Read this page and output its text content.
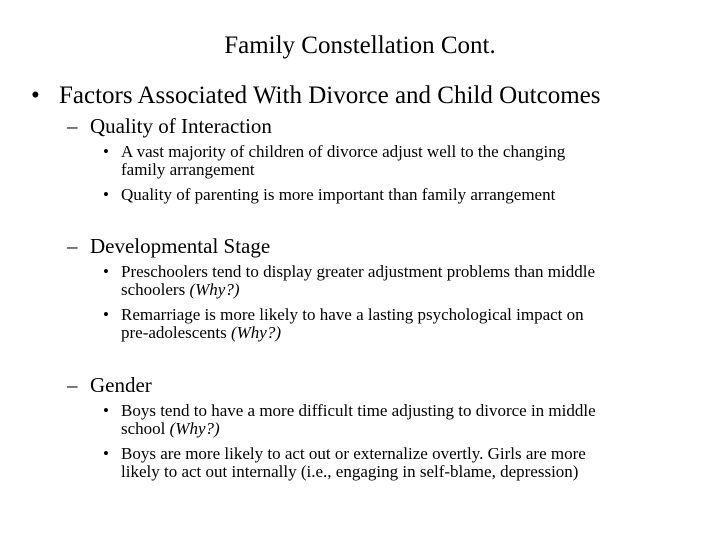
Family Constellation Cont.
• Factors Associated With Divorce and Child Outcomes
– Quality of Interaction
• A vast majority of children of divorce adjust well to the changing
family arrangement
• Quality of parenting is more important than family arrangement
– Developmental Stage
• Preschoolers tend to display greater adjustment problems than middle
schoolers (Why?)
• Remarriage is more likely to have a lasting psychological impact on
pre-adolescents (Why?)
– Gender
• Boys tend to have a more difficult time adjusting to divorce in middle
school (Why?)
• Boys are more likely to act out or externalize overtly. Girls are more
likely to act out internally (i.e., engaging in self-blame, depression)
